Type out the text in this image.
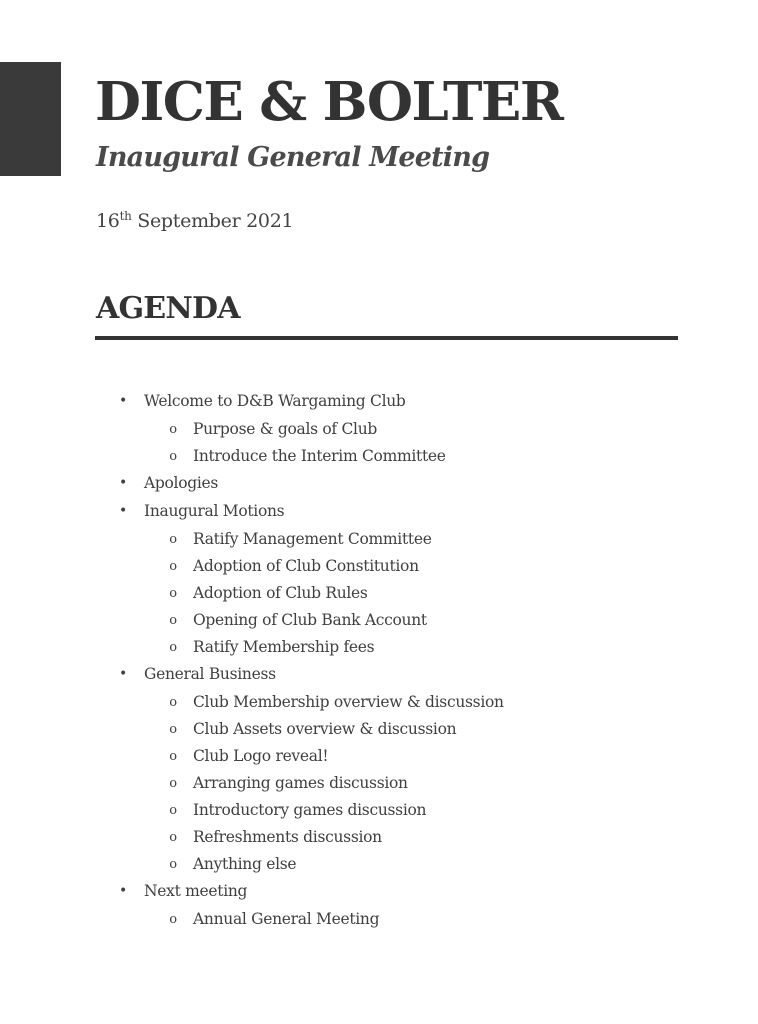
DICE & BOLTER
Inaugural General Meeting

16th September 2021

AGENDA
• Welcome to D&B Wargaming Club
o Purpose & goals of Club
o Introduce the Interim Committee
• Apologies
• Inaugural Motions
o Ratify Management Committee
o Adoption of Club Constitution
o Adoption of Club Rules
o Opening of Club Bank Account
o Ratify Membership fees
• General Business
o Club Membership overview & discussion
o Club Assets overview & discussion
o Club Logo reveal!
o Arranging games discussion
o Introductory games discussion
o Refreshments discussion
o Anything else
• Next meeting
o Annual General Meeting
